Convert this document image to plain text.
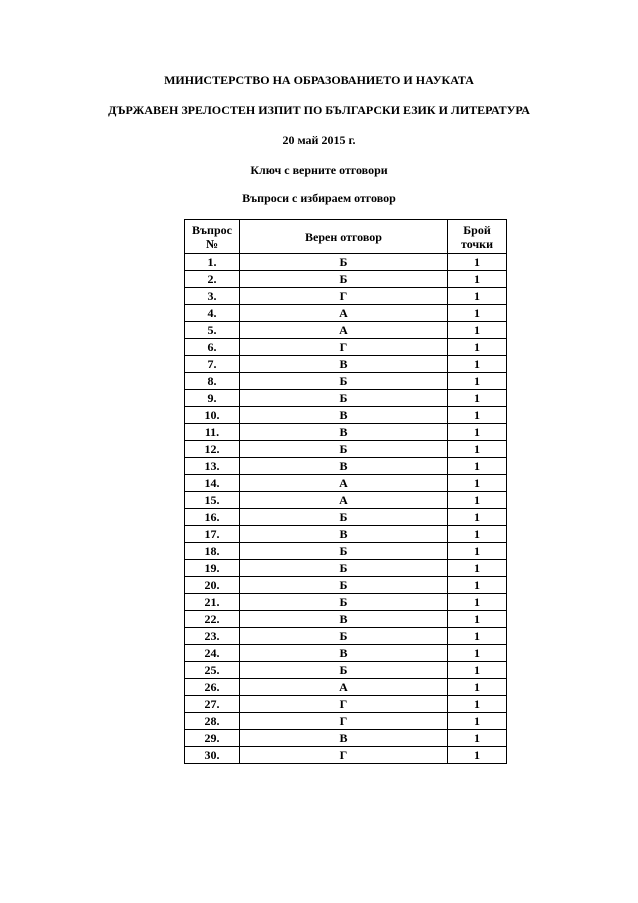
МИНИСТЕРСТВО НА ОБРАЗОВАНИЕТО И НАУКАТА
ДЪРЖАВЕН ЗРЕЛОСТЕН ИЗПИТ ПО БЪЛГАРСКИ ЕЗИК И ЛИТЕРАТУРА
20 май 2015 г.
Ключ с верните отговори
Въпроси с избираем отговор
Въпрос №	Верен отговор	Брой точки
1.	Б	1
2.	Б	1
3.	Г	1
4.	А	1
5.	А	1
6.	Г	1
7.	В	1
8.	Б	1
9.	Б	1
10.	В	1
11.	В	1
12.	Б	1
13.	В	1
14.	А	1
15.	А	1
16.	Б	1
17.	В	1
18.	Б	1
19.	Б	1
20.	Б	1
21.	Б	1
22.	В	1
23.	Б	1
24.	В	1
25.	Б	1
26.	А	1
27.	Г	1
28.	Г	1
29.	В	1
30.	Г	1
